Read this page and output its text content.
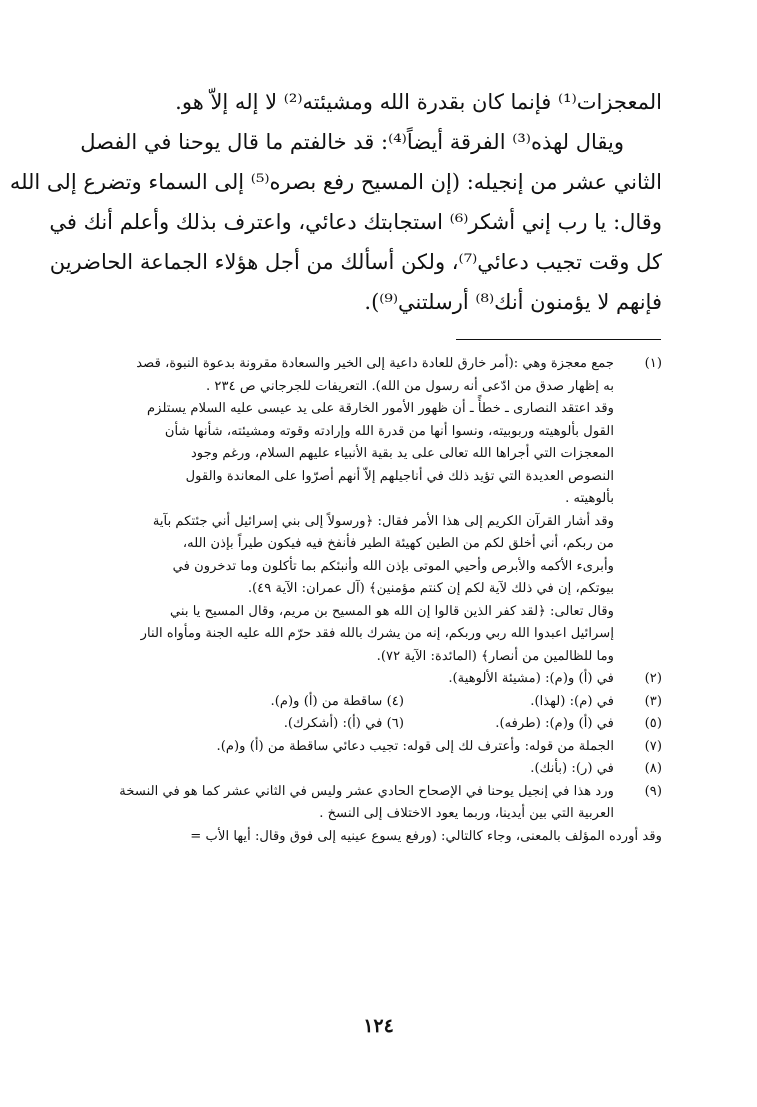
المعجزات⁽¹⁾ فإنما كان بقدرة الله ومشيئته⁽²⁾ لا إله إلاّ هو.
ويقال لهذه⁽³⁾ الفرقة أيضاً⁽⁴⁾: قد خالفتم ما قال يوحنا في الفصل
الثاني عشر من إنجيله: (إن المسيح رفع بصره⁽⁵⁾ إلى السماء وتضرع إلى الله
وقال: يا رب إني أشكر⁽⁶⁾ استجابتك دعائي، واعترف بذلك وأعلم أنك في
كل وقت تجيب دعائي⁽⁷⁾، ولكن أسألك من أجل هؤلاء الجماعة الحاضرين
فإنهم لا يؤمنون أنك⁽⁸⁾ أرسلتني⁽⁹⁾).
(١)
جمع معجزة وهي :(أمر خارق للعادة داعية إلى الخير والسعادة مقرونة بدعوة النبوة، قصد
به إظهار صدق من ادّعى أنه رسول من الله). التعريفات للجرجاني ص ٢٣٤ .
وقد اعتقد النصارى ـ خطأً ـ أن ظهور الأمور الخارقة على يد عيسى عليه السلام يستلزم
القول بألوهيته وربوبيته، ونسوا أنها من قدرة الله وإرادته وقوته ومشيئته، شأنها شأن
المعجزات التي أجراها الله تعالى على يد بقية الأنبياء عليهم السلام، ورغم وجود
النصوص العديدة التي تؤيد ذلك في أناجيلهم إلاّ أنهم أصرّوا على المعاندة والقول
بألوهيته .
وقد أشار القرآن الكريم إلى هذا الأمر فقال: ﴿ورسولاً إلى بني إسرائيل أني جئتكم بآية
من ربكم، أني أخلق لكم من الطين كهيئة الطير فأنفخ فيه فيكون طيراً بإذن الله،
وأبرىء الأكمه والأبرص وأحيي الموتى بإذن الله وأنبئكم بما تأكلون وما تدخرون في
بيوتكم، إن في ذلك لآية لكم إن كنتم مؤمنين﴾ (آل عمران: الآية ٤٩).
وقال تعالى: ﴿لقد كفر الذين قالوا إن الله هو المسيح بن مريم، وقال المسيح يا بني
إسرائيل اعبدوا الله ربي وربكم، إنه من يشرك بالله فقد حرّم الله عليه الجنة ومأواه النار
وما للظالمين من أنصار﴾ (المائدة: الآية ٧٢).
(٢)
في (أ) و(م): (مشيئة الألوهية).
(٣)
في (م): (لهذا).
(٤) ساقطة من (أ) و(م).
(٥)
في (أ) و(م): (طرفه).
(٦) في (أ): (أشكرك).
(٧)
الجملة من قوله: وأعترف لك إلى قوله: تجيب دعائي ساقطة من (أ) و(م).
(٨)
في (ر): (بأنك).
(٩)
ورد هذا في إنجيل يوحنا في الإصحاح الحادي عشر وليس في الثاني عشر كما هو في النسخة
العربية التي بين أيدينا، وربما يعود الاختلاف إلى النسخ .
وقد أورده المؤلف بالمعنى، وجاء كالتالي: (ورفع يسوع عينيه إلى فوق وقال: أيها الأب =
١٢٤
